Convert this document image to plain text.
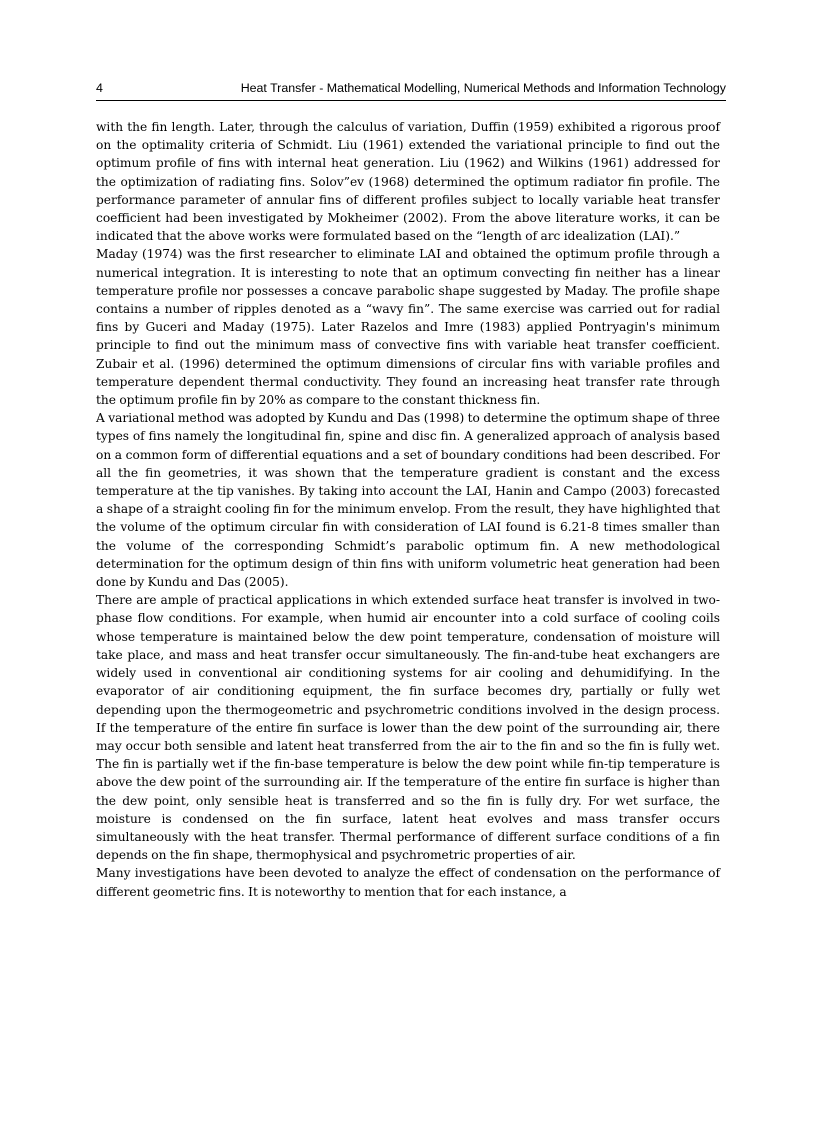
4	Heat Transfer - Mathematical Modelling, Numerical Methods and Information Technology

with the fin length. Later, through the calculus of variation, Duffin (1959) exhibited a rigorous proof on the optimality criteria of Schmidt. Liu (1961) extended the variational principle to find out the optimum profile of fins with internal heat generation. Liu (1962) and Wilkins (1961) addressed for the optimization of radiating fins. Solov”ev (1968) determined the optimum radiator fin profile. The performance parameter of annular fins of different profiles subject to locally variable heat transfer coefficient had been investigated by Mokheimer (2002). From the above literature works, it can be indicated that the above works were formulated based on the “length of arc idealization (LAI).”

Maday (1974) was the first researcher to eliminate LAI and obtained the optimum profile through a numerical integration. It is interesting to note that an optimum convecting fin neither has a linear temperature profile nor possesses a concave parabolic shape suggested by Maday. The profile shape contains a number of ripples denoted as a “wavy fin”. The same exercise was carried out for radial fins by Guceri and Maday (1975). Later Razelos and Imre (1983) applied Pontryagin's minimum principle to find out the minimum mass of convective fins with variable heat transfer coefficient. Zubair et al. (1996) determined the optimum dimensions of circular fins with variable profiles and temperature dependent thermal conductivity. They found an increasing heat transfer rate through the optimum profile fin by 20% as compare to the constant thickness fin.

A variational method was adopted by Kundu and Das (1998) to determine the optimum shape of three types of fins namely the longitudinal fin, spine and disc fin. A generalized approach of analysis based on a common form of differential equations and a set of boundary conditions had been described. For all the fin geometries, it was shown that the temperature gradient is constant and the excess temperature at the tip vanishes. By taking into account the LAI, Hanin and Campo (2003) forecasted a shape of a straight cooling fin for the minimum envelop. From the result, they have highlighted that the volume of the optimum circular fin with consideration of LAI found is 6.21-8 times smaller than the volume of the corresponding Schmidt’s parabolic optimum fin. A new methodological determination for the optimum design of thin fins with uniform volumetric heat generation had been done by Kundu and Das (2005).

There are ample of practical applications in which extended surface heat transfer is involved in two-phase flow conditions. For example, when humid air encounter into a cold surface of cooling coils whose temperature is maintained below the dew point temperature, condensation of moisture will take place, and mass and heat transfer occur simultaneously. The fin-and-tube heat exchangers are widely used in conventional air conditioning systems for air cooling and dehumidifying. In the evaporator of air conditioning equipment, the fin surface becomes dry, partially or fully wet depending upon the thermogeometric and psychrometric conditions involved in the design process. If the temperature of the entire fin surface is lower than the dew point of the surrounding air, there may occur both sensible and latent heat transferred from the air to the fin and so the fin is fully wet. The fin is partially wet if the fin-base temperature is below the dew point while fin-tip temperature is above the dew point of the surrounding air. If the temperature of the entire fin surface is higher than the dew point, only sensible heat is transferred and so the fin is fully dry. For wet surface, the moisture is condensed on the fin surface, latent heat evolves and mass transfer occurs simultaneously with the heat transfer. Thermal performance of different surface conditions of a fin depends on the fin shape, thermophysical and psychrometric properties of air.

Many investigations have been devoted to analyze the effect of condensation on the performance of different geometric fins. It is noteworthy to mention that for each instance, a
